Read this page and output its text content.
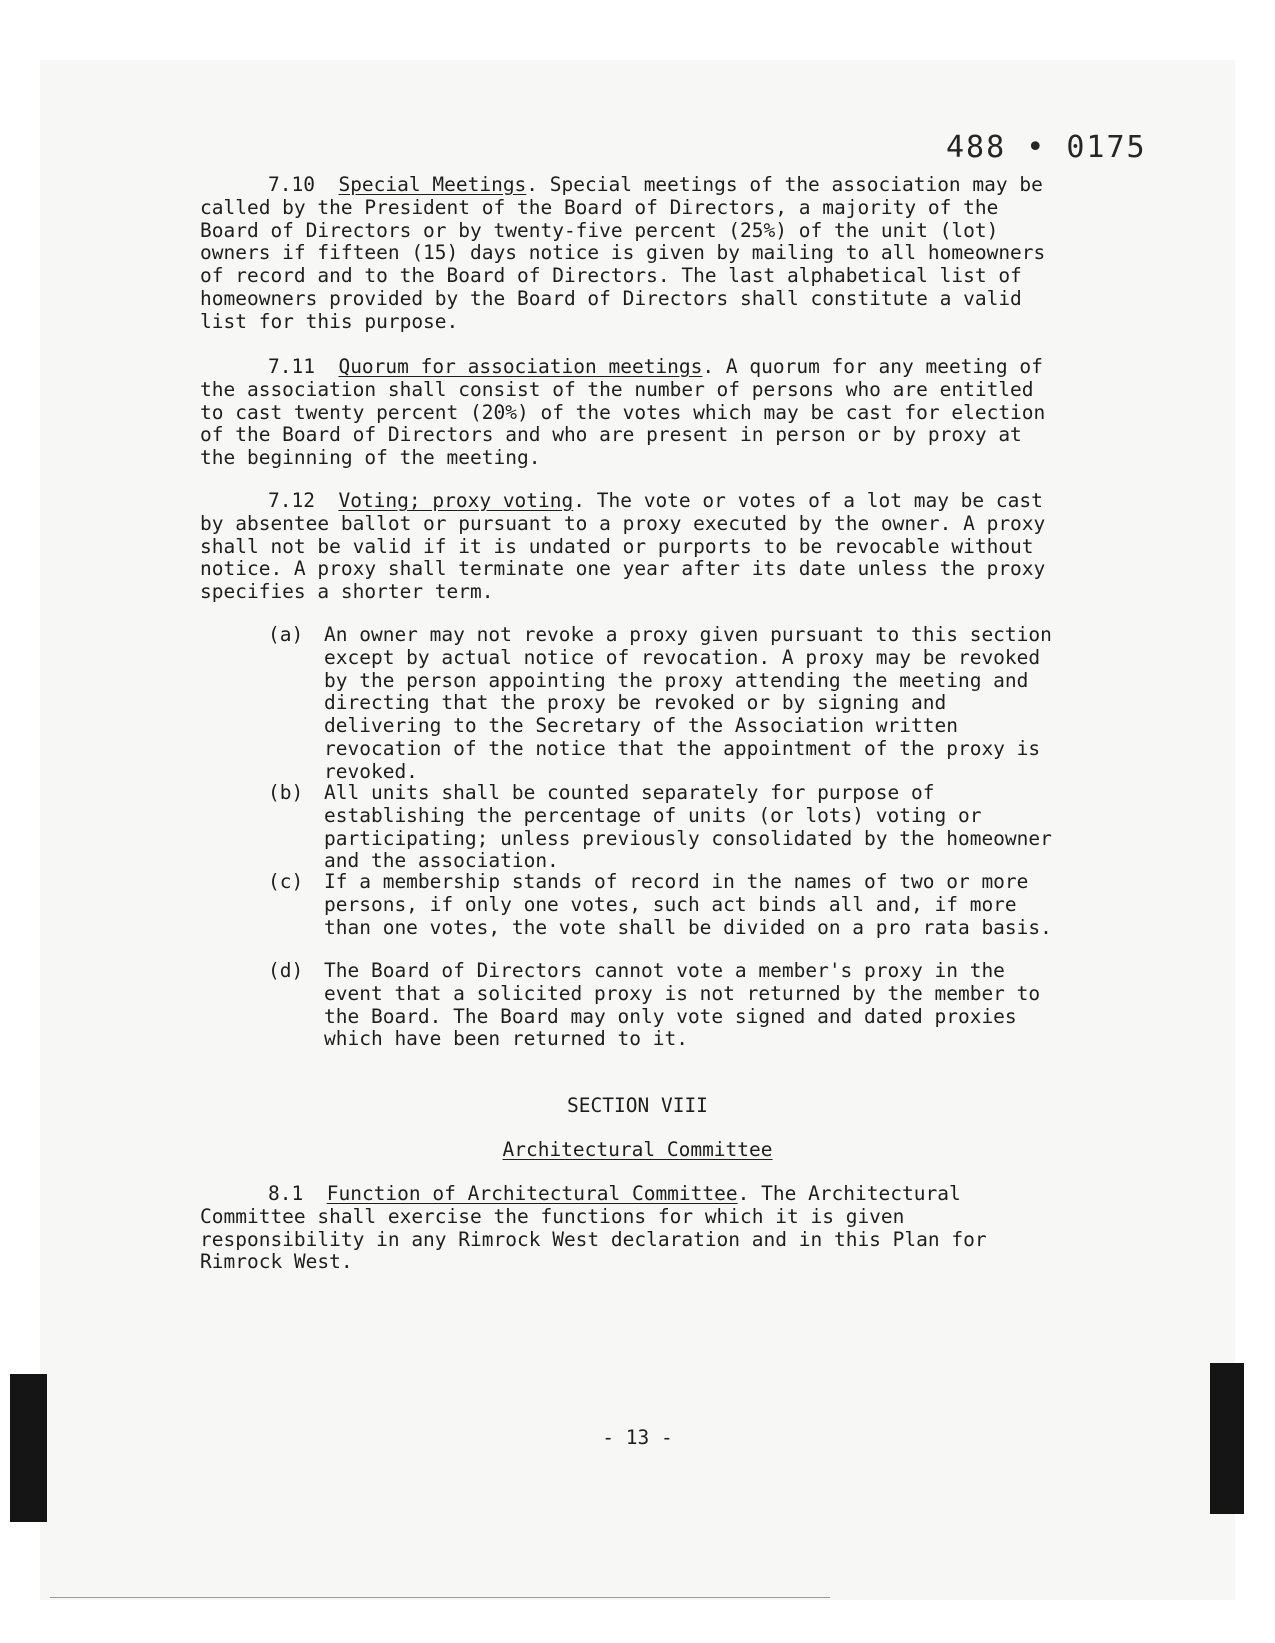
488 • 0175
7.10 Special Meetings. Special meetings of the association may be called by the President of the Board of Directors, a majority of the Board of Directors or by twenty-five percent (25%) of the unit (lot) owners if fifteen (15) days notice is given by mailing to all homeowners of record and to the Board of Directors. The last alphabetical list of homeowners provided by the Board of Directors shall constitute a valid list for this purpose.
7.11 Quorum for association meetings. A quorum for any meeting of the association shall consist of the number of persons who are entitled to cast twenty percent (20%) of the votes which may be cast for election of the Board of Directors and who are present in person or by proxy at the beginning of the meeting.
7.12 Voting; proxy voting. The vote or votes of a lot may be cast by absentee ballot or pursuant to a proxy executed by the owner. A proxy shall not be valid if it is undated or purports to be revocable without notice. A proxy shall terminate one year after its date unless the proxy specifies a shorter term.
(a) An owner may not revoke a proxy given pursuant to this section except by actual notice of revocation. A proxy may be revoked by the person appointing the proxy attending the meeting and directing that the proxy be revoked or by signing and delivering to the Secretary of the Association written revocation of the notice that the appointment of the proxy is revoked.
(b) All units shall be counted separately for purpose of establishing the percentage of units (or lots) voting or participating; unless previously consolidated by the homeowner and the association.
(c) If a membership stands of record in the names of two or more persons, if only one votes, such act binds all and, if more than one votes, the vote shall be divided on a pro rata basis.
(d) The Board of Directors cannot vote a member's proxy in the event that a solicited proxy is not returned by the member to the Board. The Board may only vote signed and dated proxies which have been returned to it.
SECTION VIII
Architectural Committee
8.1 Function of Architectural Committee. The Architectural Committee shall exercise the functions for which it is given responsibility in any Rimrock West declaration and in this Plan for Rimrock West.
- 13 -
